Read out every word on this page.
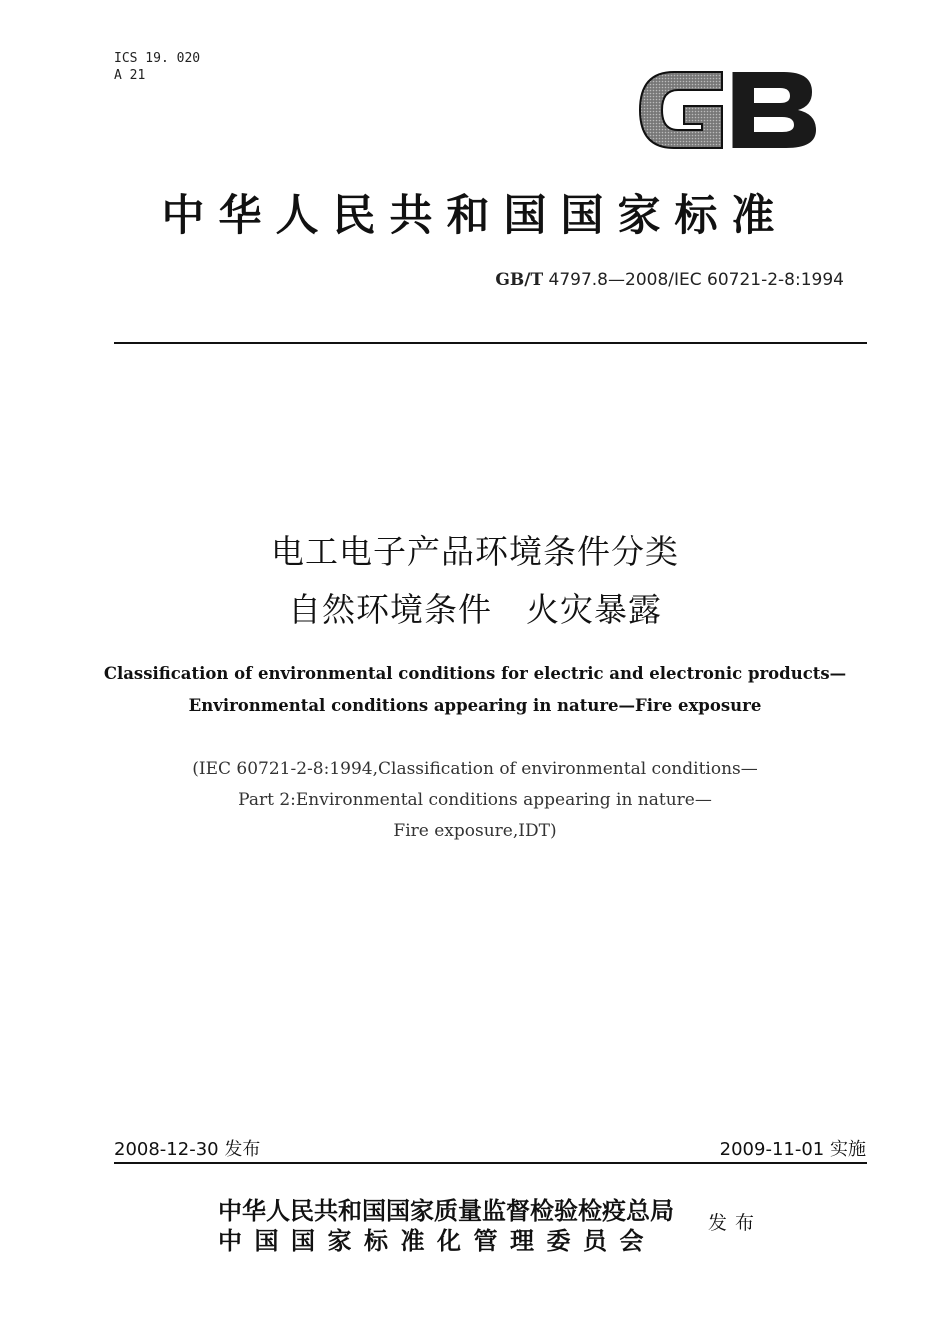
ICS 19. 020
A 21
中华人民共和国国家标准
GB/T 4797.8—2008/IEC 60721-2-8:1994
电工电子产品环境条件分类
自然环境条件　火灾暴露
Classification of environmental conditions for electric and electronic products—
Environmental conditions appearing in nature—Fire exposure
(IEC 60721-2-8:1994,Classification of environmental conditions—
Part 2:Environmental conditions appearing in nature—
Fire exposure,IDT)
2008-12-30 发布	2009-11-01 实施
中华人民共和国国家质量监督检验检疫总局
中国国家标准化管理委员会
发布
